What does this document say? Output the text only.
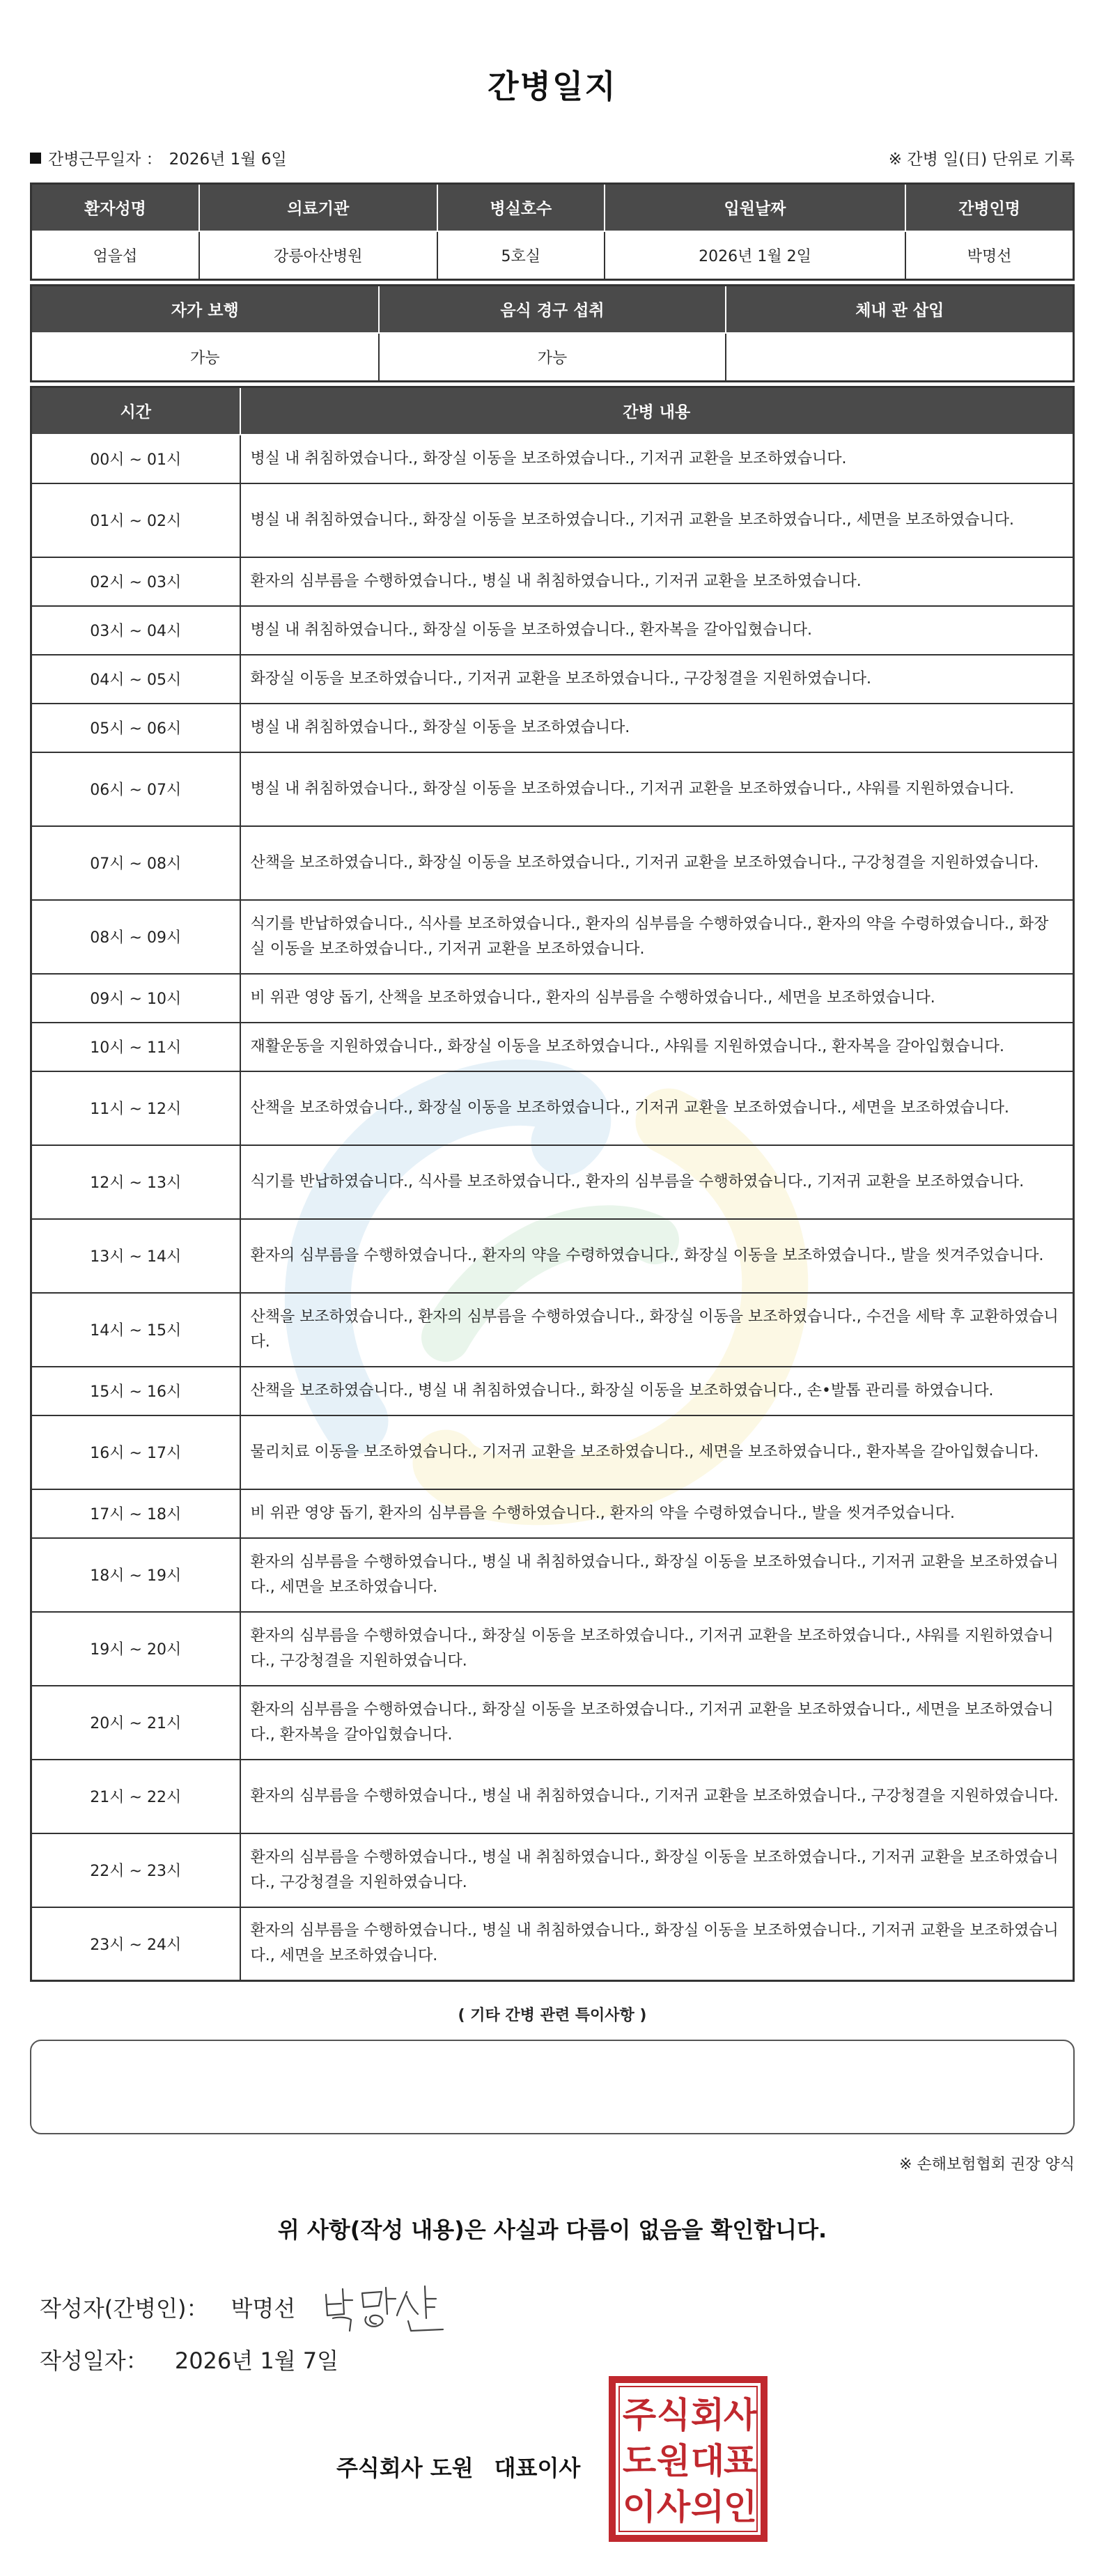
간병일지
간병근무일자 ： 2026년 1월 6일	※ 간병 일(日) 단위로 기록
환자성명	의료기관	병실호수	입원날짜	간병인명
엄을섭	강릉아산병원	5호실	2026년 1월 2일	박명선
자가 보행	음식 경구 섭취	체내 관 삽입
가능	가능	
시간	간병 내용
00시 ~ 01시	병실 내 취침하였습니다., 화장실 이동을 보조하였습니다., 기저귀 교환을 보조하였습니다.
01시 ~ 02시	병실 내 취침하였습니다., 화장실 이동을 보조하였습니다., 기저귀 교환을 보조하였습니다., 세면을 보조하였습니다.
02시 ~ 03시	환자의 심부름을 수행하였습니다., 병실 내 취침하였습니다., 기저귀 교환을 보조하였습니다.
03시 ~ 04시	병실 내 취침하였습니다., 화장실 이동을 보조하였습니다., 환자복을 갈아입혔습니다.
04시 ~ 05시	화장실 이동을 보조하였습니다., 기저귀 교환을 보조하였습니다., 구강청결을 지원하였습니다.
05시 ~ 06시	병실 내 취침하였습니다., 화장실 이동을 보조하였습니다.
06시 ~ 07시	병실 내 취침하였습니다., 화장실 이동을 보조하였습니다., 기저귀 교환을 보조하였습니다., 샤워를 지원하였습니다.
07시 ~ 08시	산책을 보조하였습니다., 화장실 이동을 보조하였습니다., 기저귀 교환을 보조하였습니다., 구강청결을 지원하였습니다.
08시 ~ 09시	식기를 반납하였습니다., 식사를 보조하였습니다., 환자의 심부름을 수행하였습니다., 환자의 약을 수령하였습니다., 화장실 이동을 보조하였습니다., 기저귀 교환을 보조하였습니다.
09시 ~ 10시	비 위관 영양 돕기, 산책을 보조하였습니다., 환자의 심부름을 수행하였습니다., 세면을 보조하였습니다.
10시 ~ 11시	재활운동을 지원하였습니다., 화장실 이동을 보조하였습니다., 샤워를 지원하였습니다., 환자복을 갈아입혔습니다.
11시 ~ 12시	산책을 보조하였습니다., 화장실 이동을 보조하였습니다., 기저귀 교환을 보조하였습니다., 세면을 보조하였습니다.
12시 ~ 13시	식기를 반납하였습니다., 식사를 보조하였습니다., 환자의 심부름을 수행하였습니다., 기저귀 교환을 보조하였습니다.
13시 ~ 14시	환자의 심부름을 수행하였습니다., 환자의 약을 수령하였습니다., 화장실 이동을 보조하였습니다., 발을 씻겨주었습니다.
14시 ~ 15시	산책을 보조하였습니다., 환자의 심부름을 수행하였습니다., 화장실 이동을 보조하였습니다., 수건을 세탁 후 교환하였습니다.
15시 ~ 16시	산책을 보조하였습니다., 병실 내 취침하였습니다., 화장실 이동을 보조하였습니다., 손•발톱 관리를 하였습니다.
16시 ~ 17시	물리치료 이동을 보조하였습니다., 기저귀 교환을 보조하였습니다., 세면을 보조하였습니다., 환자복을 갈아입혔습니다.
17시 ~ 18시	비 위관 영양 돕기, 환자의 심부름을 수행하였습니다., 환자의 약을 수령하였습니다., 발을 씻겨주었습니다.
18시 ~ 19시	환자의 심부름을 수행하였습니다., 병실 내 취침하였습니다., 화장실 이동을 보조하였습니다., 기저귀 교환을 보조하였습니다., 세면을 보조하였습니다.
19시 ~ 20시	환자의 심부름을 수행하였습니다., 화장실 이동을 보조하였습니다., 기저귀 교환을 보조하였습니다., 샤워를 지원하였습니다., 구강청결을 지원하였습니다.
20시 ~ 21시	환자의 심부름을 수행하였습니다., 화장실 이동을 보조하였습니다., 기저귀 교환을 보조하였습니다., 세면을 보조하였습니다., 환자복을 갈아입혔습니다.
21시 ~ 22시	환자의 심부름을 수행하였습니다., 병실 내 취침하였습니다., 기저귀 교환을 보조하였습니다., 구강청결을 지원하였습니다.
22시 ~ 23시	환자의 심부름을 수행하였습니다., 병실 내 취침하였습니다., 화장실 이동을 보조하였습니다., 기저귀 교환을 보조하였습니다., 구강청결을 지원하였습니다.
23시 ~ 24시	환자의 심부름을 수행하였습니다., 병실 내 취침하였습니다., 화장실 이동을 보조하였습니다., 기저귀 교환을 보조하였습니다., 세면을 보조하였습니다.
( 기타 간병 관련 특이사항 )
※ 손해보험협회 권장 양식
위 사항(작성 내용)은 사실과 다름이 없음을 확인합니다.
작성자(간병인)： 박명선
작성일자： 2026년 1월 7일
주식회사 도원 대표이사
주 식 회
사
도 원 대
표
이 사 의
인
